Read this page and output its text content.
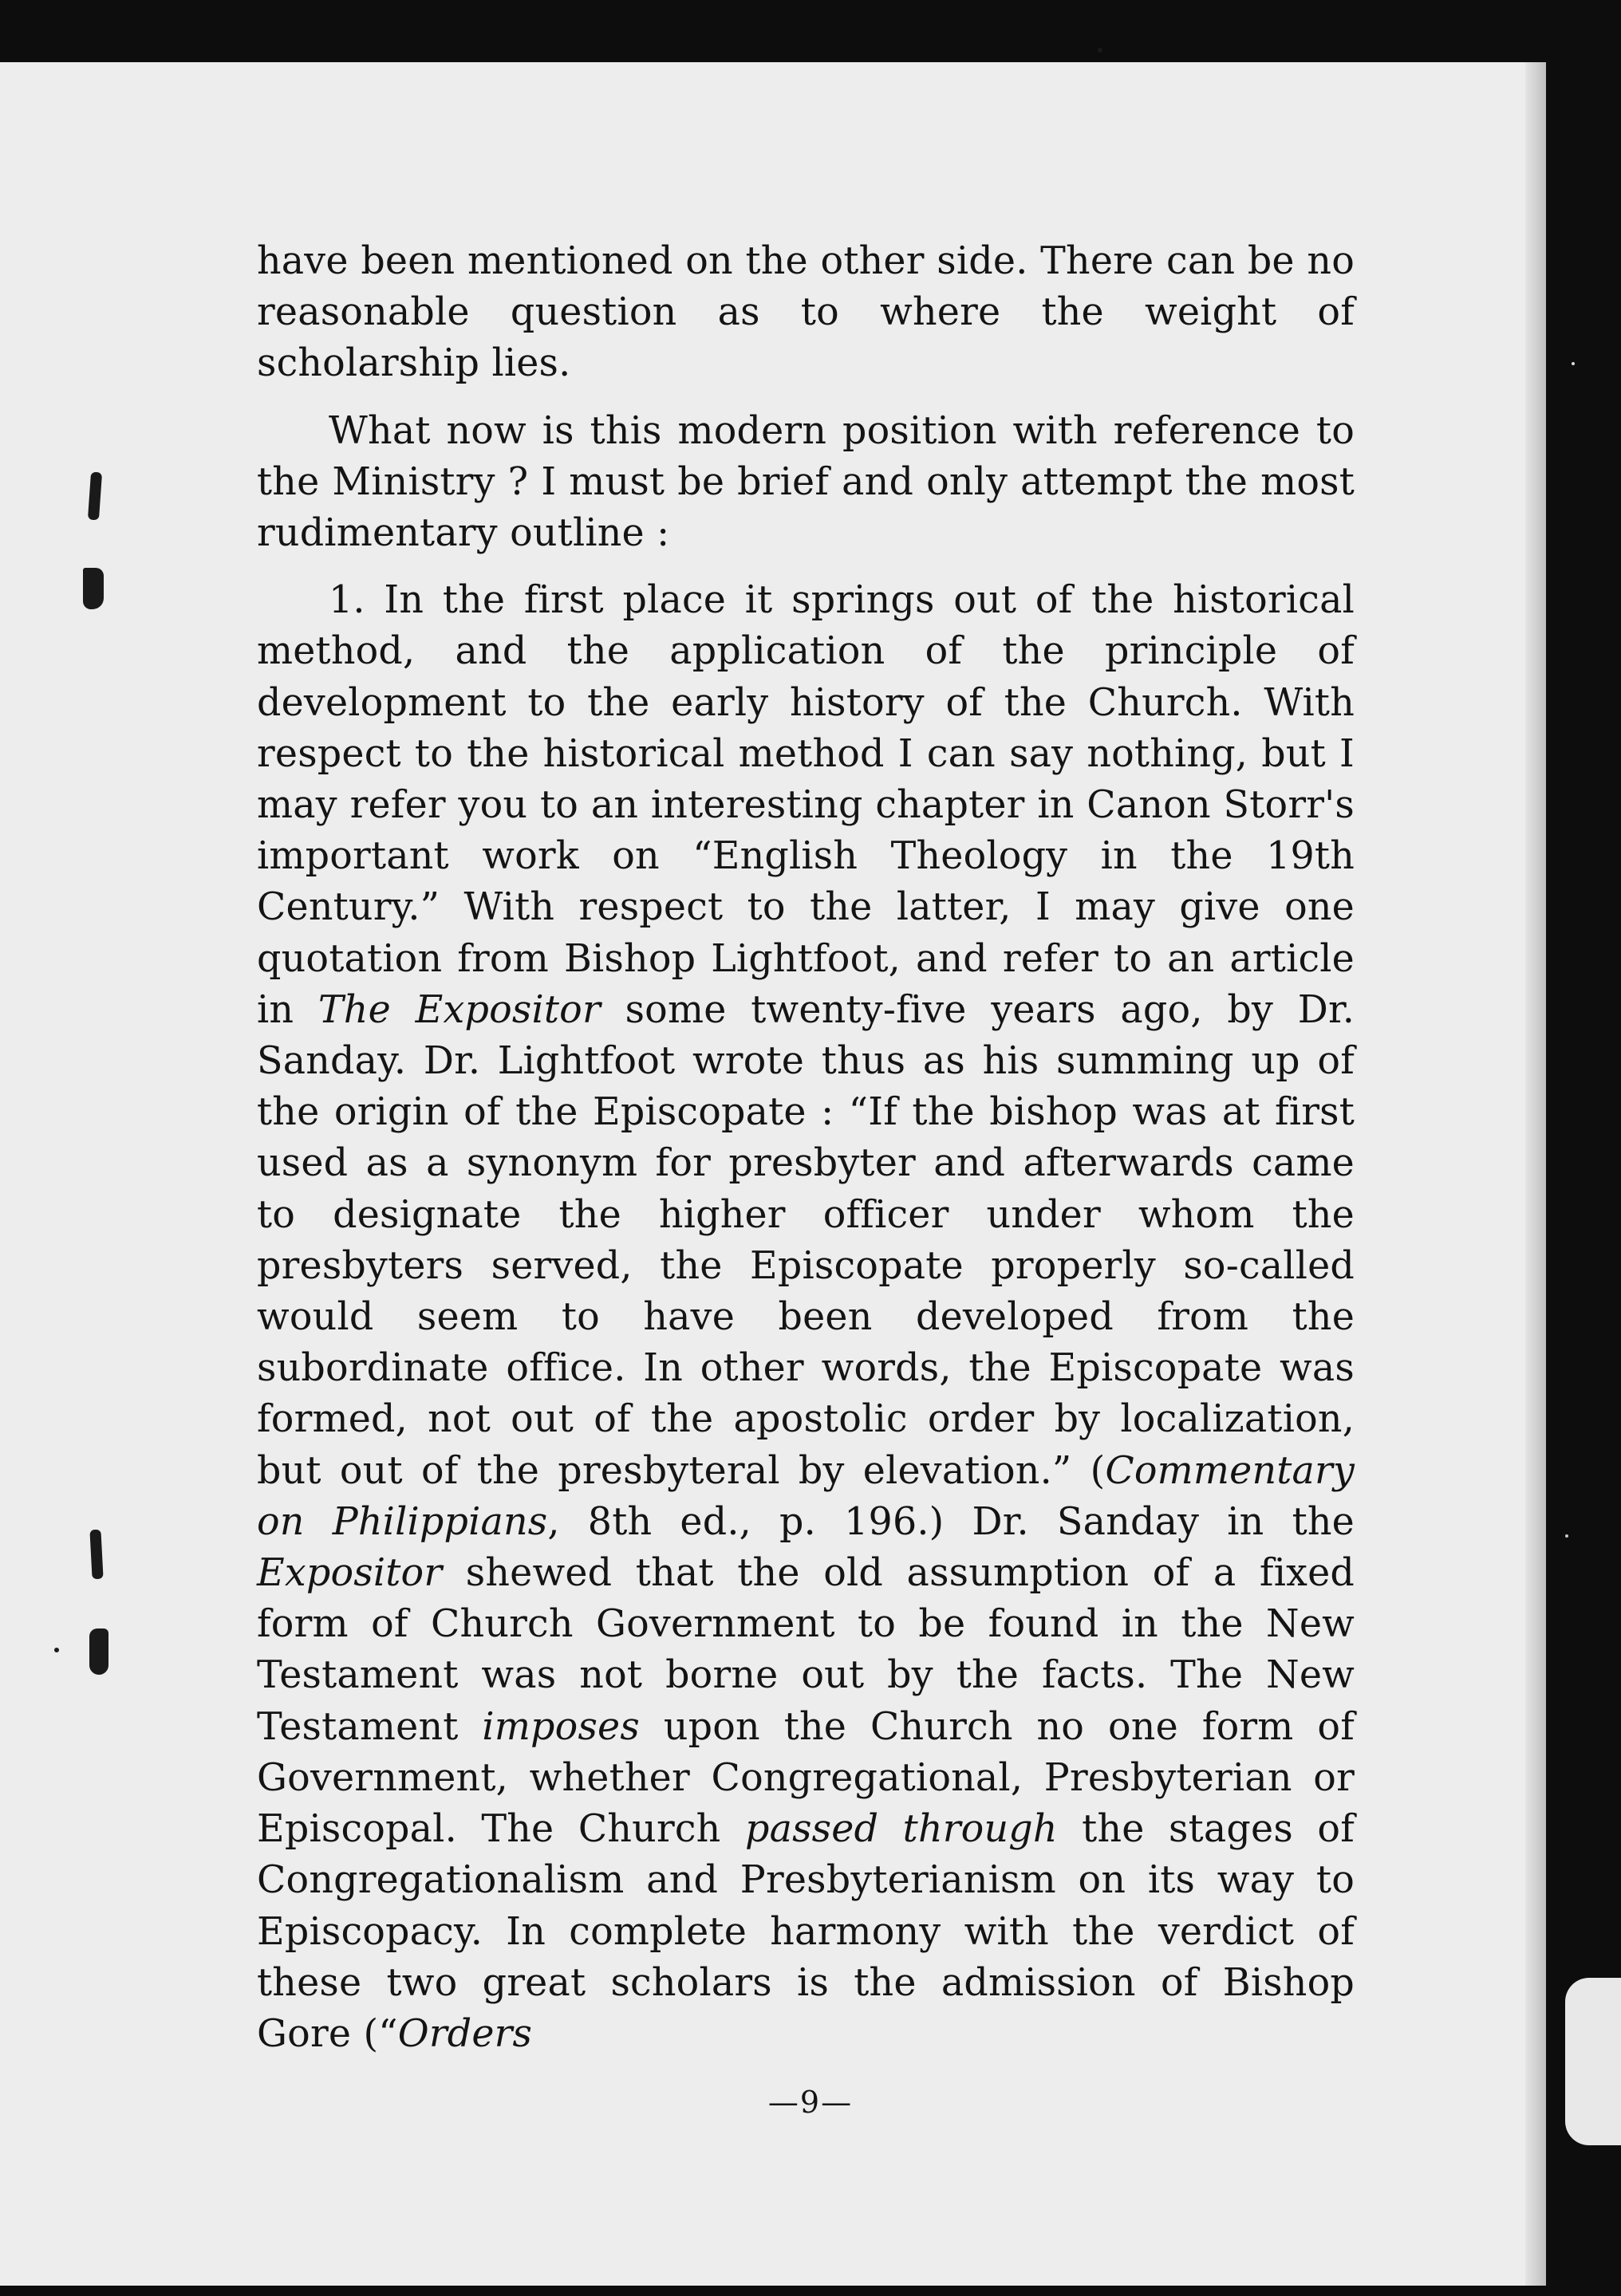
have been mentioned on the other side. There can be no reasonable question as to where the weight of scholarship lies.

What now is this modern position with reference to the Ministry ? I must be brief and only attempt the most rudimentary outline :

1. In the first place it springs out of the historical method, and the application of the principle of development to the early history of the Church. With respect to the historical method I can say nothing, but I may refer you to an interesting chapter in Canon Storr's important work on “English Theology in the 19th Century.” With respect to the latter, I may give one quotation from Bishop Lightfoot, and refer to an article in The Expositor some twenty-five years ago, by Dr. Sanday. Dr. Lightfoot wrote thus as his summing up of the origin of the Episcopate : “If the bishop was at first used as a synonym for presbyter and afterwards came to designate the higher officer under whom the presbyters served, the Episcopate properly so-called would seem to have been developed from the subordinate office. In other words, the Episcopate was formed, not out of the apostolic order by localization, but out of the presbyteral by elevation.” (Commentary on Philippians, 8th ed., p. 196.) Dr. Sanday in the Expositor shewed that the old assumption of a fixed form of Church Government to be found in the New Testament was not borne out by the facts. The New Testament imposes upon the Church no one form of Government, whether Congregational, Presbyterian or Episcopal. The Church passed through the stages of Congregationalism and Presbyterianism on its way to Episcopacy. In complete harmony with the verdict of these two great scholars is the admission of Bishop Gore (“Orders

—9—
